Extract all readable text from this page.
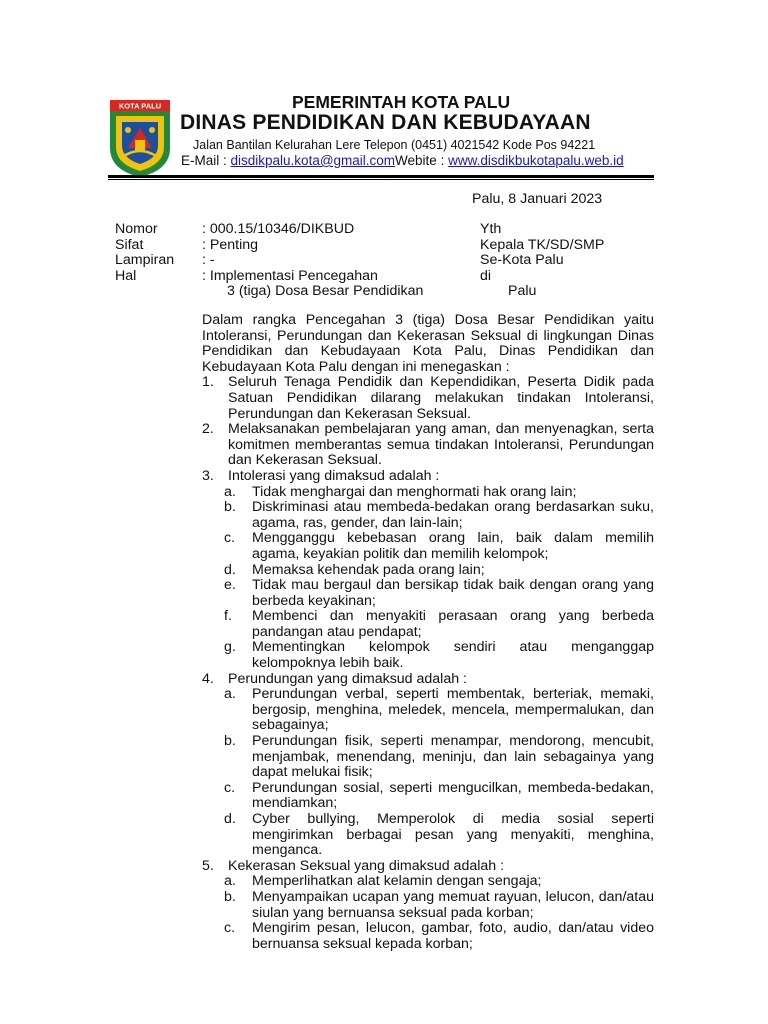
KOTA PALU	PEMERINTAH KOTA PALU
DINAS PENDIDIKAN DAN KEBUDAYAAN
Jalan Bantilan Kelurahan Lere Telepon (0451) 4021542 Kode Pos 94221
E-Mail : disdikpalu.kota@gmail.comWebite : www.disdikbukotapalu.web.id
Palu, 8 Januari 2023
Nomor	: 000.15/10346/DIKBUD
Sifat	: Penting
Lampiran	: -
Hal	: Implementasi Pencegahan
3 (tiga) Dosa Besar Pendidikan
Yth
Kepala TK/SD/SMP
Se-Kota Palu
di
Palu

Dalam rangka Pencegahan 3 (tiga) Dosa Besar Pendidikan yaitu Intoleransi, Perundungan dan Kekerasan Seksual di lingkungan Dinas Pendidikan dan Kebudayaan Kota Palu, Dinas Pendidikan dan Kebudayaan Kota Palu dengan ini menegaskan :

1. Seluruh Tenaga Pendidik dan Kependidikan, Peserta Didik pada Satuan Pendidikan dilarang melakukan tindakan Intoleransi, Perundungan dan Kekerasan Seksual.
2. Melaksanakan pembelajaran yang aman, dan menyenagkan, serta komitmen memberantas semua tindakan Intoleransi, Perundungan dan Kekerasan Seksual.
3. Intolerasi yang dimaksud adalah :
a.	Tidak menghargai dan menghormati hak orang lain;
b.	Diskriminasi atau membeda-bedakan orang berdasarkan suku, agama, ras, gender, dan lain-lain;
c.	Mengganggu kebebasan orang lain, baik dalam memilih agama, keyakian politik dan memilih kelompok;
d.	Memaksa kehendak pada orang lain;
e.	Tidak mau bergaul dan bersikap tidak baik dengan orang yang berbeda keyakinan;
f.	Membenci dan menyakiti perasaan orang yang berbeda pandangan atau pendapat;
g.	Mementingkan kelompok sendiri atau menganggap kelompoknya lebih baik.
4. Perundungan yang dimaksud adalah :
a.	Perundungan verbal, seperti membentak, berteriak, memaki, bergosip, menghina, meledek, mencela, mempermalukan, dan sebagainya;
b.	Perundungan fisik, seperti menampar, mendorong, mencubit, menjambak, menendang, meninju, dan lain sebagainya yang dapat melukai fisik;
c.	Perundungan sosial, seperti mengucilkan, membeda-bedakan, mendiamkan;
d.	Cyber bullying, Memperolok di media sosial seperti mengirimkan berbagai pesan yang menyakiti, menghina, menganca.
5. Kekerasan Seksual yang dimaksud adalah :
a.	Memperlihatkan alat kelamin dengan sengaja;
b.	Menyampaikan ucapan yang memuat rayuan, lelucon, dan/atau siulan yang bernuansa seksual pada korban;
c.	Mengirim pesan, lelucon, gambar, foto, audio, dan/atau video bernuansa seksual kepada korban;
